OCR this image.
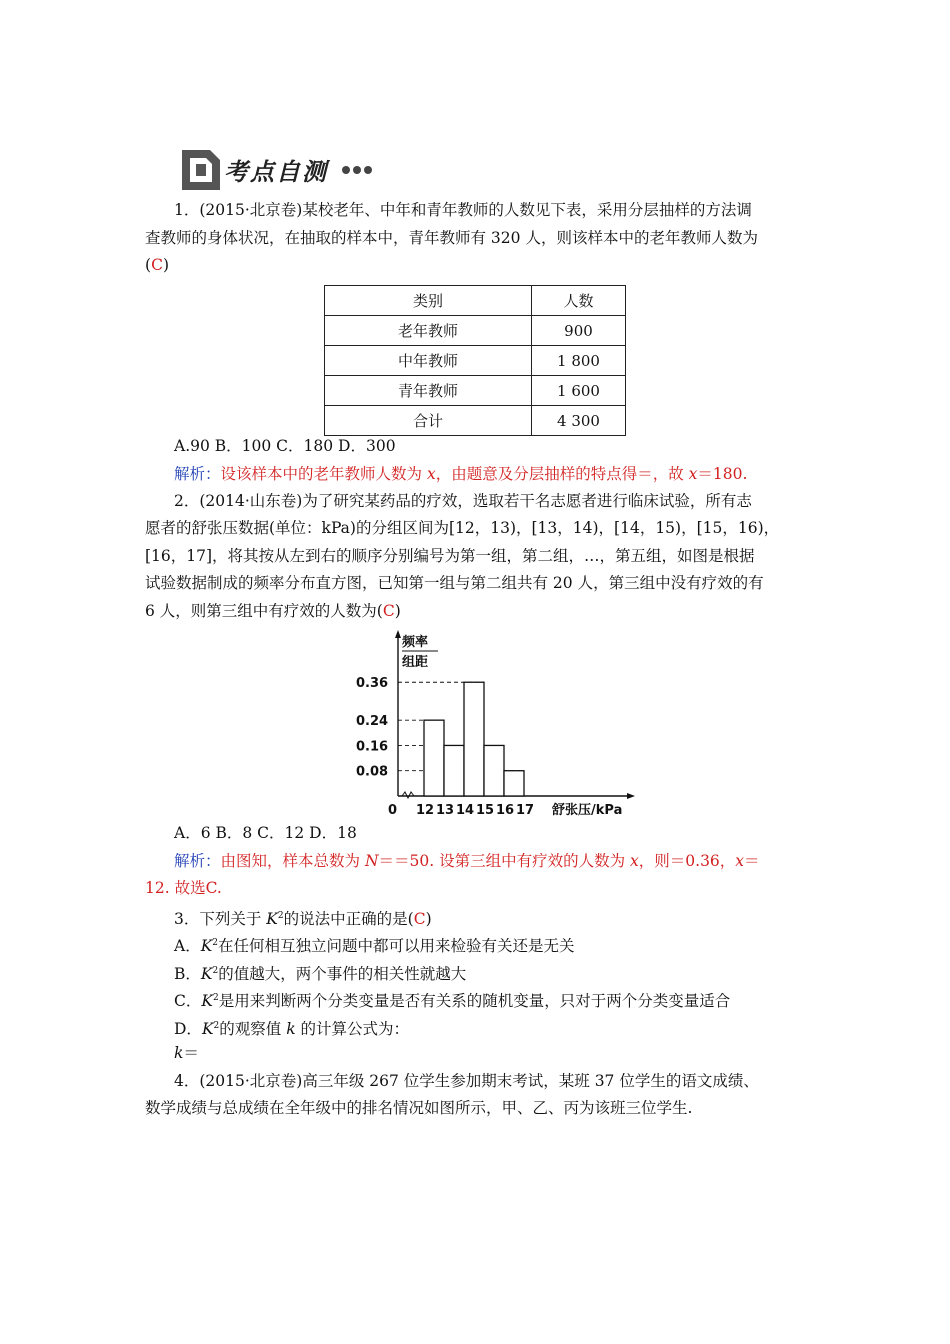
考点自测
1．(2015·北京卷)某校老年、中年和青年教师的人数见下表，采用分层抽样的方法调
查教师的身体状况，在抽取的样本中，青年教师有 320 人，则该样本中的老年教师人数为
(C)
类别	人数
老年教师	900
中年教师	1 800
青年教师	1 600
合计	4 300
A.90 B．100 C．180 D．300
解析：设该样本中的老年教师人数为 x，由题意及分层抽样的特点得＝，故 x＝180.
2．(2014·山东卷)为了研究某药品的疗效，选取若干名志愿者进行临床试验，所有志
愿者的舒张压数据(单位：kPa)的分组区间为[12，13)，[13，14)，[14，15)，[15，16)，
[16，17]，将其按从左到右的顺序分别编号为第一组，第二组，…，第五组，如图是根据
试验数据制成的频率分布直方图，已知第一组与第二组共有 20 人，第三组中没有疗效的有
6 人，则第三组中有疗效的人数为(C)
频率
组距
0
0.08
0.16
0.24
0.36
12 13 14 15 16 17 舒张压/kPa
A．6 B．8 C．12 D．18
解析：由图知，样本总数为 N＝＝50. 设第三组中有疗效的人数为 x，则＝0.36，x＝
12. 故选C.
3．下列关于 $K^2$的说法中正确的是(C)
A．$K^2$在任何相互独立问题中都可以用来检验有关还是无关
B．$K^2$的值越大，两个事件的相关性就越大
C．$K^2$是用来判断两个分类变量是否有关系的随机变量，只对于两个分类变量适合
D．$K^2$的观察值 k 的计算公式为：
k＝
4．(2015·北京卷)高三年级 267 位学生参加期末考试，某班 37 位学生的语文成绩、
数学成绩与总成绩在全年级中的排名情况如图所示，甲、乙、丙为该班三位学生.
